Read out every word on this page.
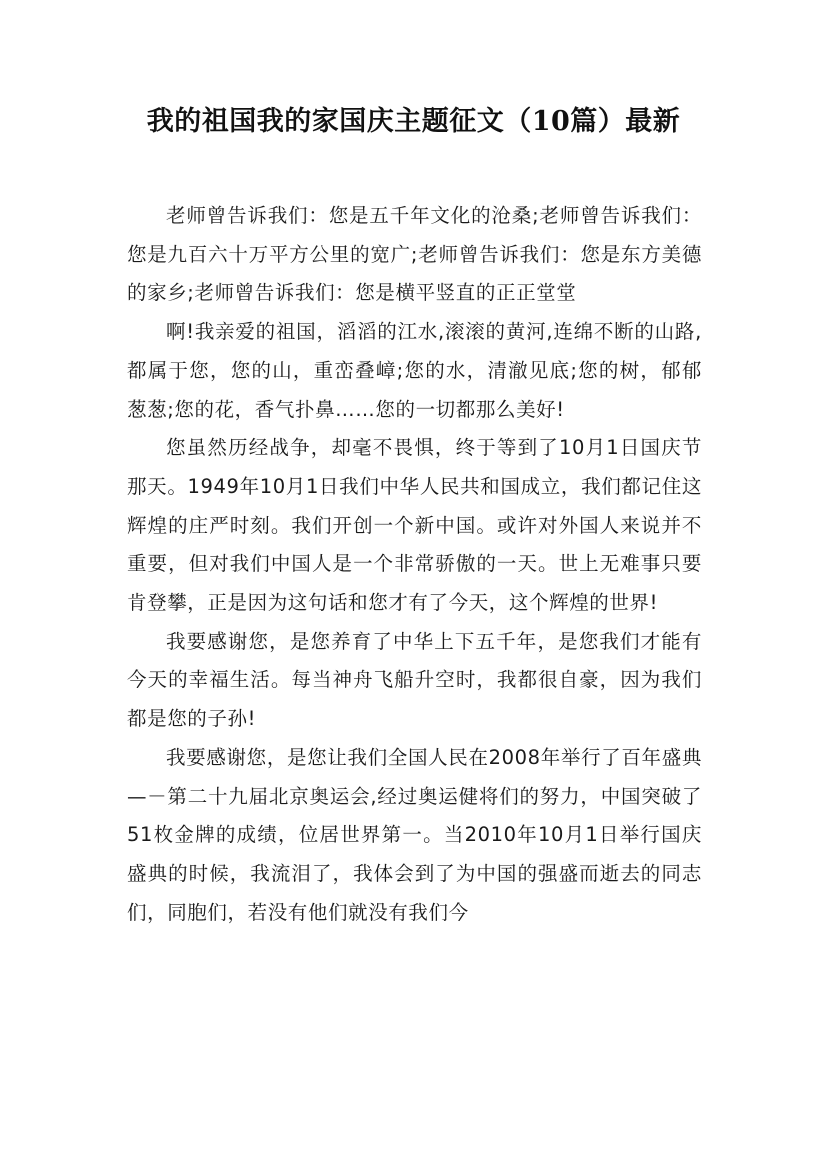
我的祖国我的家国庆主题征文（10篇）最新

老师曾告诉我们：您是五千年文化的沧桑;老师曾告诉我们：您是九百六十万平方公里的宽广;老师曾告诉我们：您是东方美德的家乡;老师曾告诉我们：您是横平竖直的正正堂堂

啊!我亲爱的祖国，滔滔的江水,滚滚的黄河,连绵不断的山路,都属于您，您的山，重峦叠嶂;您的水，清澈见底;您的树，郁郁葱葱;您的花，香气扑鼻……您的一切都那么美好!

您虽然历经战争，却毫不畏惧，终于等到了10月1日国庆节那天。1949年10月1日我们中华人民共和国成立，我们都记住这辉煌的庄严时刻。我们开创一个新中国。或许对外国人来说并不重要，但对我们中国人是一个非常骄傲的一天。世上无难事只要肯登攀，正是因为这句话和您才有了今天，这个辉煌的世界!

我要感谢您，是您养育了中华上下五千年，是您我们才能有今天的幸福生活。每当神舟飞船升空时，我都很自豪，因为我们都是您的子孙!

我要感谢您，是您让我们全国人民在2008年举行了百年盛典—－第二十九届北京奥运会,经过奥运健将们的努力，中国突破了51枚金牌的成绩，位居世界第一。当2010年10月1日举行国庆盛典的时候，我流泪了，我体会到了为中国的强盛而逝去的同志们，同胞们，若没有他们就没有我们今
